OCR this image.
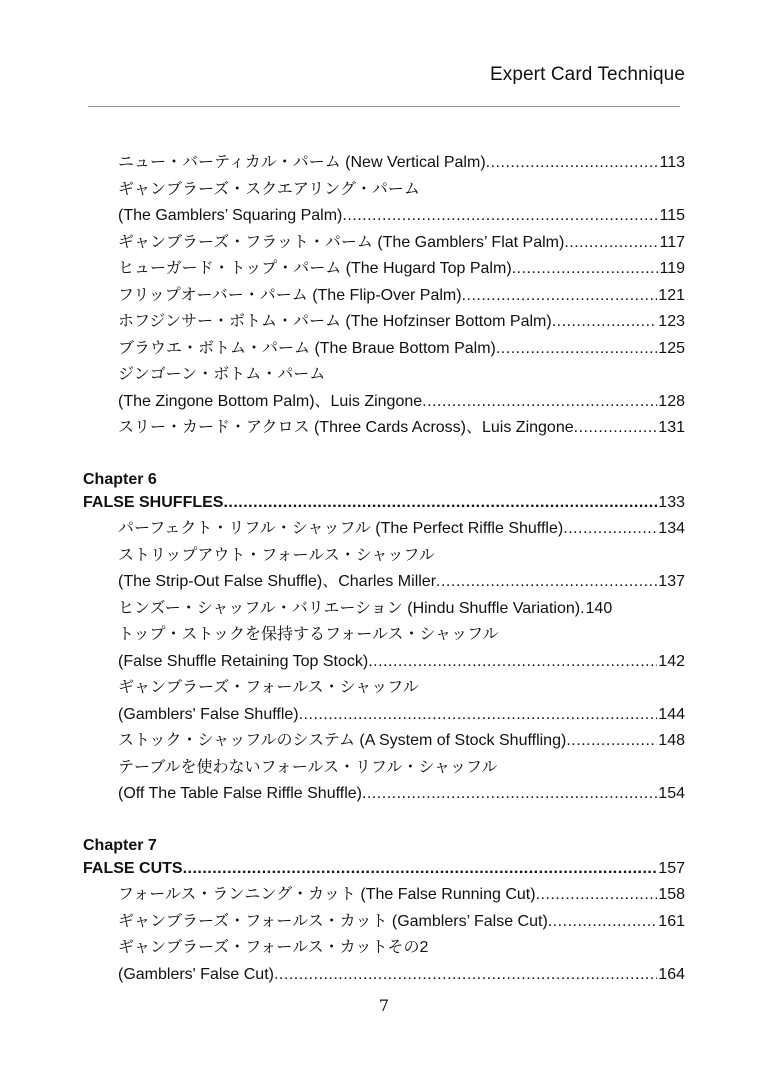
Expert Card Technique
ニュー・バーティカル・パーム (New Vertical Palm) .....	113
ギャンブラーズ・スクエアリング・パーム
(The Gamblers’ Squaring Palm) .....	115
ギャンブラーズ・フラット・パーム (The Gamblers’ Flat Palm) .....	117
ヒューガード・トップ・パーム (The Hugard Top Palm) .....	119
フリップオーバー・パーム (The Flip-Over Palm) .....	121
ホフジンサー・ボトム・パーム (The Hofzinser Bottom Palm) .....	123
ブラウエ・ボトム・パーム (The Braue Bottom Palm) .....	125
ジンゴーン・ボトム・パーム
(The Zingone Bottom Palm)、Luis Zingone .....	128
スリー・カード・アクロス (Three Cards Across)、Luis Zingone .....	131
Chapter 6
FALSE SHUFFLES .....	133
パーフェクト・リフル・シャッフル (The Perfect Riffle Shuffle) .....	134
ストリップアウト・フォールス・シャッフル
(The Strip-Out False Shuffle)、Charles Miller .....	137
ヒンズー・シャッフル・バリエーション (Hindu Shuffle Variation). 140
トップ・ストックを保持するフォールス・シャッフル
(False Shuffle Retaining Top Stock) .....	142
ギャンブラーズ・フォールス・シャッフル
(Gamblers' False Shuffle) .....	144
ストック・シャッフルのシステム (A System of Stock Shuffling) .....	148
テーブルを使わないフォールス・リフル・シャッフル
(Off The Table False Riffle Shuffle) .....	154
Chapter 7
FALSE CUTS .....	157
フォールス・ランニング・カット (The False Running Cut) .....	158
ギャンブラーズ・フォールス・カット (Gamblers’ False Cut) .....	161
ギャンブラーズ・フォールス・カットその2
(Gamblers' False Cut) .....	164
7
